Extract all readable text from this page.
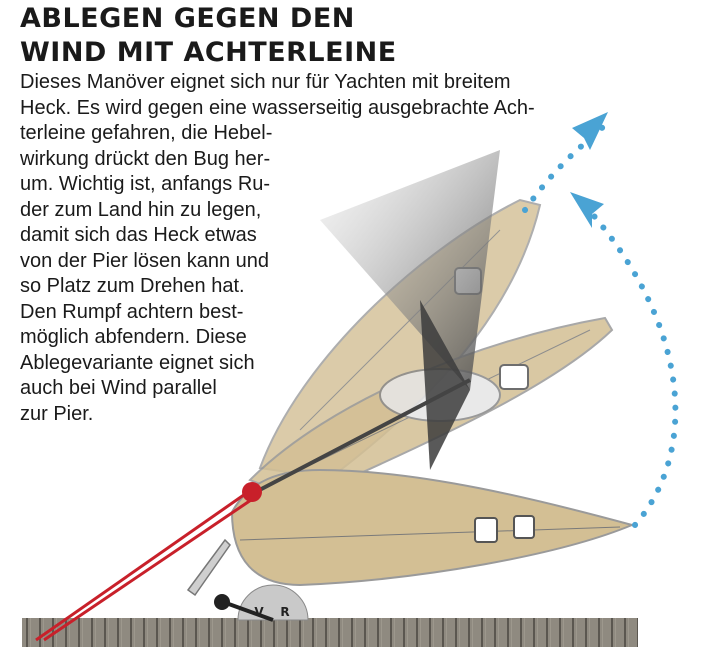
ABLEGEN GEGEN DEN
WIND MIT ACHTERLEINE
V R
Dieses Manöver eignet sich nur für Yachten mit breitem
Heck. Es wird gegen eine wasserseitig ausgebrachte Ach-
terleine gefahren, die Hebel-
wirkung drückt den Bug her-
um. Wichtig ist, anfangs Ru-
der zum Land hin zu legen,
damit sich das Heck etwas
von der Pier lösen kann und
so Platz zum Drehen hat.
Den Rumpf achtern best-
möglich abfendern. Diese
Ablegevariante eignet sich
auch bei Wind parallel
zur Pier.
